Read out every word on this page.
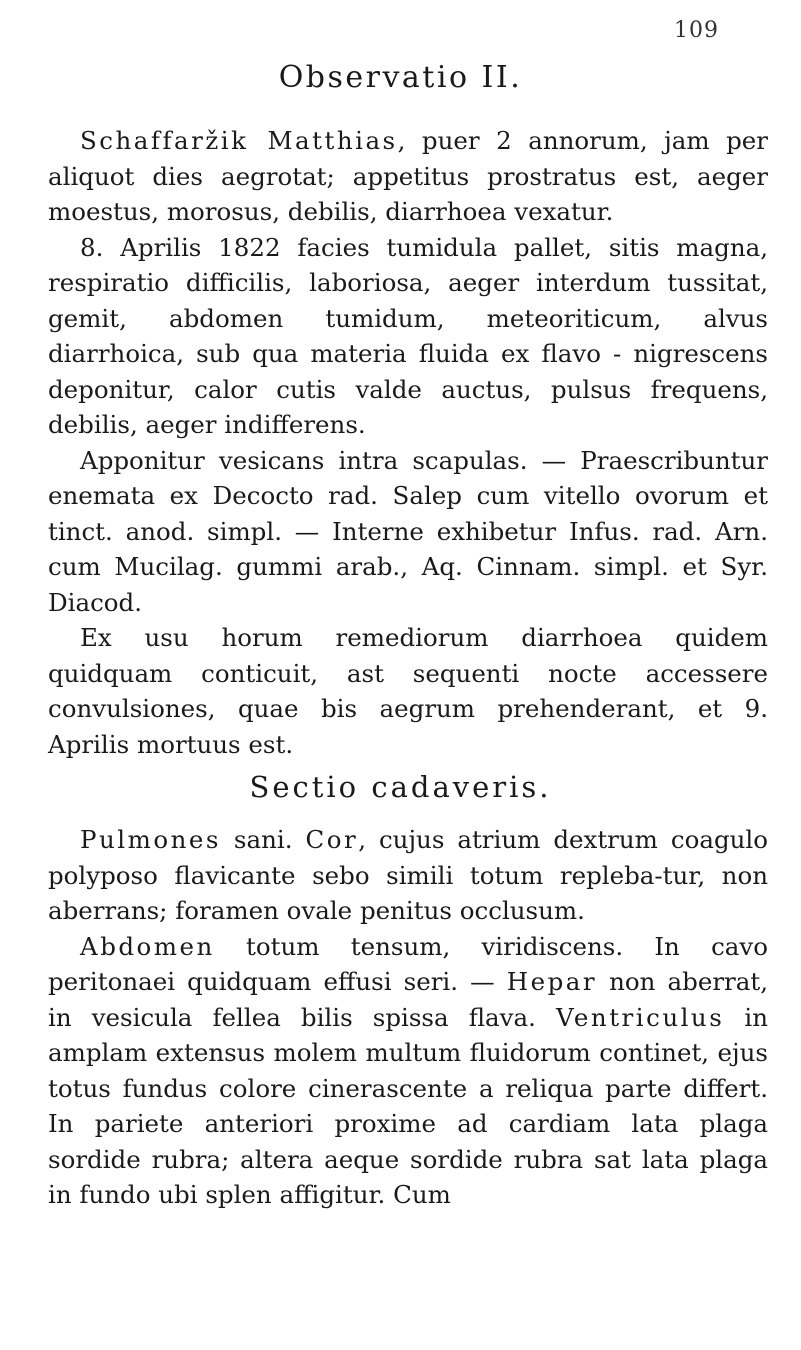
109
Observatio II.

Schaffaržik Matthias, puer 2 annorum, jam per aliquot dies aegrotat; appetitus prostratus est, aeger moestus, morosus, debilis, diarrhoea vexatur.

8. Aprilis 1822 facies tumidula pallet, sitis magna, respiratio difficilis, laboriosa, aeger interdum tussitat, gemit, abdomen tumidum, meteoriticum, alvus diarrhoica, sub qua materia fluida ex flavo - nigrescens deponitur, calor cutis valde auctus, pulsus frequens, debilis, aeger indifferens.

Apponitur vesicans intra scapulas. — Praescribuntur enemata ex Decocto rad. Salep cum vitello ovorum et tinct. anod. simpl. — Interne exhibetur Infus. rad. Arn. cum Mucilag. gummi arab., Aq. Cinnam. simpl. et Syr. Diacod.

Ex usu horum remediorum diarrhoea quidem quidquam conticuit, ast sequenti nocte accessere convulsiones, quae bis aegrum prehenderant, et 9. Aprilis mortuus est.

Sectio cadaveris.

Pulmones sani. Cor, cujus atrium dextrum coagulo polyposo flavicante sebo simili totum repleba-tur, non aberrans; foramen ovale penitus occlusum.

Abdomen totum tensum, viridiscens. In cavo peritonaei quidquam effusi seri. — Hepar non aberrat, in vesicula fellea bilis spissa flava. Ventriculus in amplam extensus molem multum fluidorum continet, ejus totus fundus colore cinerascente a reliqua parte differt. In pariete anteriori proxime ad cardiam lata plaga sordide rubra; altera aeque sordide rubra sat lata plaga in fundo ubi splen affigitur. Cum
